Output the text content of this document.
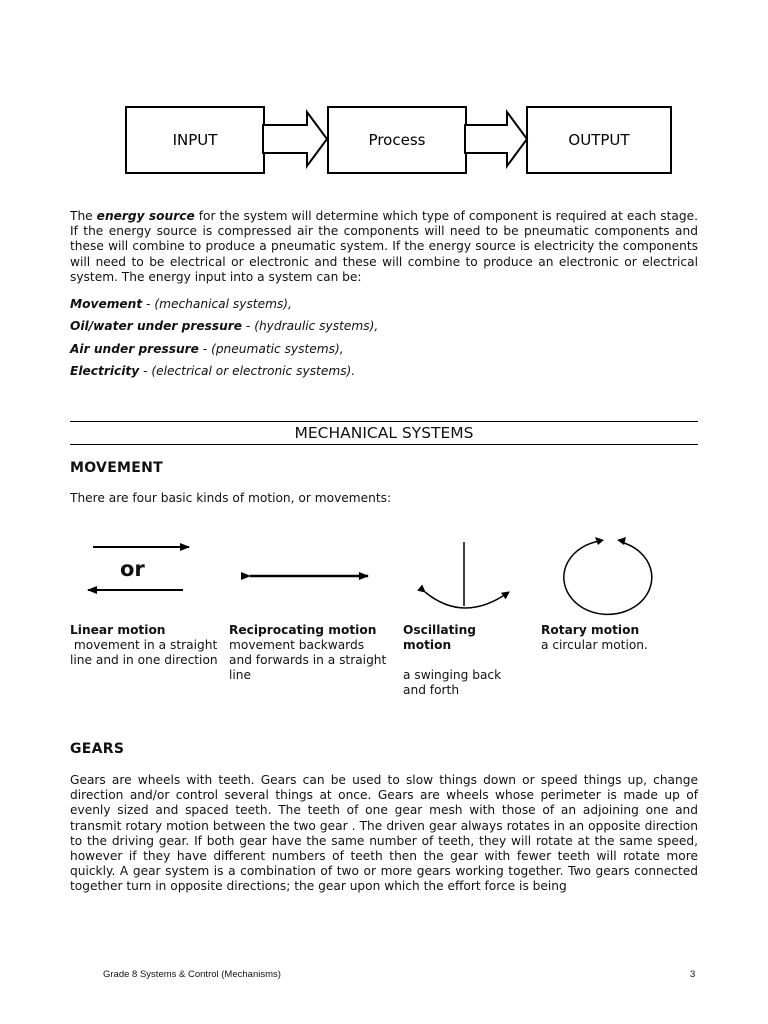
INPUT	Process	OUTPUT
The energy source for the system will determine which type of component is required at each stage. If the energy source is compressed air the components will need to be pneumatic components and these will combine to produce a pneumatic system. If the energy source is electricity the components will need to be electrical or electronic and these will combine to produce an electronic or electrical system. The energy input into a system can be:
Movement - (mechanical systems),
Oil/water under pressure - (hydraulic systems),
Air under pressure - (pneumatic systems),
Electricity - (electrical or electronic systems).
MECHANICAL SYSTEMS
MOVEMENT
There are four basic kinds of motion, or movements:
or
Linear motion
movement in a straight line and in one direction
Reciprocating motion
movement backwards and forwards in a straight line
Oscillating motion
a swinging back and forth
Rotary motion
a circular motion.
GEARS
Gears are wheels with teeth. Gears can be used to slow things down or speed things up, change direction and/or control several things at once. Gears are wheels whose perimeter is made up of evenly sized and spaced teeth. The teeth of one gear mesh with those of an adjoining one and transmit rotary motion between the two gear . The driven gear always rotates in an opposite direction to the driving gear. If both gear have the same number of teeth, they will rotate at the same speed, however if they have different numbers of teeth then the gear with fewer teeth will rotate more quickly. A gear system is a combination of two or more gears working together. Two gears connected together turn in opposite directions; the gear upon which the effort force is being
Grade 8 Systems & Control (Mechanisms)	3
